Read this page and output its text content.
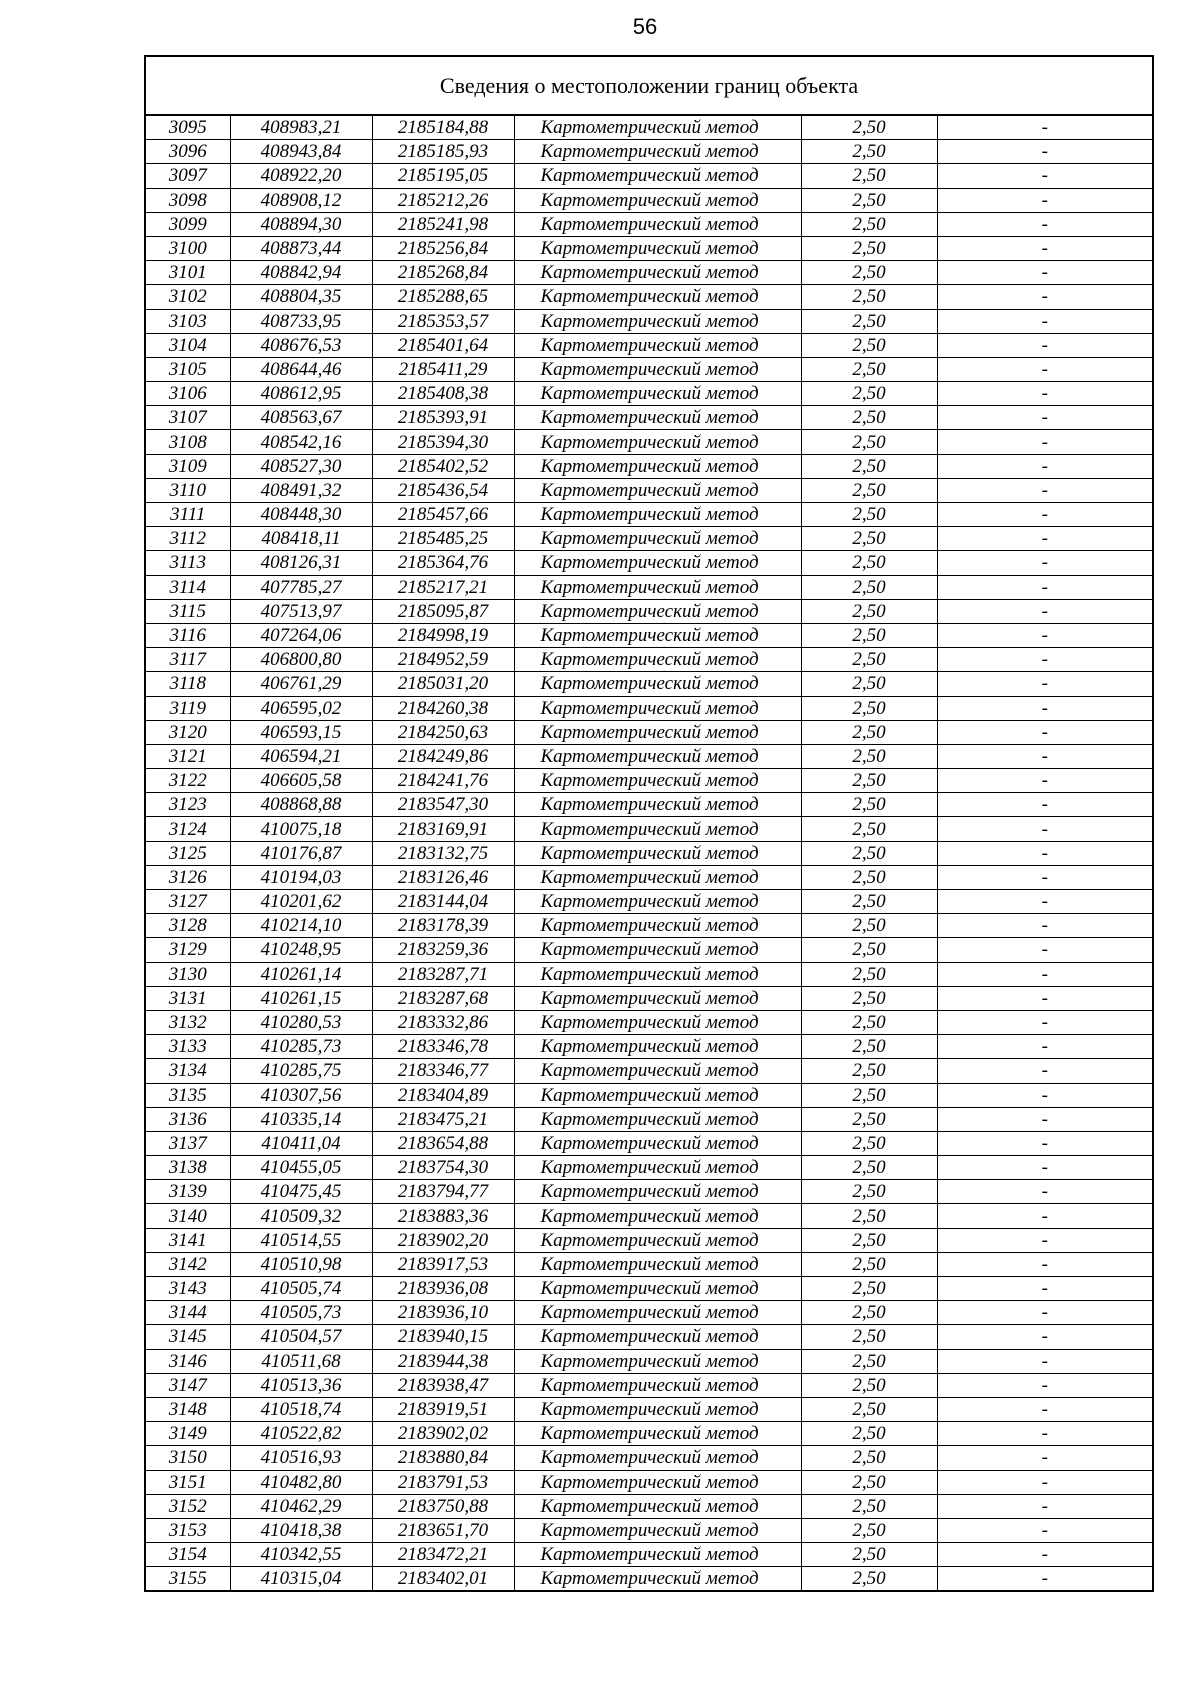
56
Сведения о местоположении границ объекта					
3095	408983,21	2185184,88	Картометрический метод	2,50	-
3096	408943,84	2185185,93	Картометрический метод	2,50	-
3097	408922,20	2185195,05	Картометрический метод	2,50	-
3098	408908,12	2185212,26	Картометрический метод	2,50	-
3099	408894,30	2185241,98	Картометрический метод	2,50	-
3100	408873,44	2185256,84	Картометрический метод	2,50	-
3101	408842,94	2185268,84	Картометрический метод	2,50	-
3102	408804,35	2185288,65	Картометрический метод	2,50	-
3103	408733,95	2185353,57	Картометрический метод	2,50	-
3104	408676,53	2185401,64	Картометрический метод	2,50	-
3105	408644,46	2185411,29	Картометрический метод	2,50	-
3106	408612,95	2185408,38	Картометрический метод	2,50	-
3107	408563,67	2185393,91	Картометрический метод	2,50	-
3108	408542,16	2185394,30	Картометрический метод	2,50	-
3109	408527,30	2185402,52	Картометрический метод	2,50	-
3110	408491,32	2185436,54	Картометрический метод	2,50	-
3111	408448,30	2185457,66	Картометрический метод	2,50	-
3112	408418,11	2185485,25	Картометрический метод	2,50	-
3113	408126,31	2185364,76	Картометрический метод	2,50	-
3114	407785,27	2185217,21	Картометрический метод	2,50	-
3115	407513,97	2185095,87	Картометрический метод	2,50	-
3116	407264,06	2184998,19	Картометрический метод	2,50	-
3117	406800,80	2184952,59	Картометрический метод	2,50	-
3118	406761,29	2185031,20	Картометрический метод	2,50	-
3119	406595,02	2184260,38	Картометрический метод	2,50	-
3120	406593,15	2184250,63	Картометрический метод	2,50	-
3121	406594,21	2184249,86	Картометрический метод	2,50	-
3122	406605,58	2184241,76	Картометрический метод	2,50	-
3123	408868,88	2183547,30	Картометрический метод	2,50	-
3124	410075,18	2183169,91	Картометрический метод	2,50	-
3125	410176,87	2183132,75	Картометрический метод	2,50	-
3126	410194,03	2183126,46	Картометрический метод	2,50	-
3127	410201,62	2183144,04	Картометрический метод	2,50	-
3128	410214,10	2183178,39	Картометрический метод	2,50	-
3129	410248,95	2183259,36	Картометрический метод	2,50	-
3130	410261,14	2183287,71	Картометрический метод	2,50	-
3131	410261,15	2183287,68	Картометрический метод	2,50	-
3132	410280,53	2183332,86	Картометрический метод	2,50	-
3133	410285,73	2183346,78	Картометрический метод	2,50	-
3134	410285,75	2183346,77	Картометрический метод	2,50	-
3135	410307,56	2183404,89	Картометрический метод	2,50	-
3136	410335,14	2183475,21	Картометрический метод	2,50	-
3137	410411,04	2183654,88	Картометрический метод	2,50	-
3138	410455,05	2183754,30	Картометрический метод	2,50	-
3139	410475,45	2183794,77	Картометрический метод	2,50	-
3140	410509,32	2183883,36	Картометрический метод	2,50	-
3141	410514,55	2183902,20	Картометрический метод	2,50	-
3142	410510,98	2183917,53	Картометрический метод	2,50	-
3143	410505,74	2183936,08	Картометрический метод	2,50	-
3144	410505,73	2183936,10	Картометрический метод	2,50	-
3145	410504,57	2183940,15	Картометрический метод	2,50	-
3146	410511,68	2183944,38	Картометрический метод	2,50	-
3147	410513,36	2183938,47	Картометрический метод	2,50	-
3148	410518,74	2183919,51	Картометрический метод	2,50	-
3149	410522,82	2183902,02	Картометрический метод	2,50	-
3150	410516,93	2183880,84	Картометрический метод	2,50	-
3151	410482,80	2183791,53	Картометрический метод	2,50	-
3152	410462,29	2183750,88	Картометрический метод	2,50	-
3153	410418,38	2183651,70	Картометрический метод	2,50	-
3154	410342,55	2183472,21	Картометрический метод	2,50	-
3155	410315,04	2183402,01	Картометрический метод	2,50	-
